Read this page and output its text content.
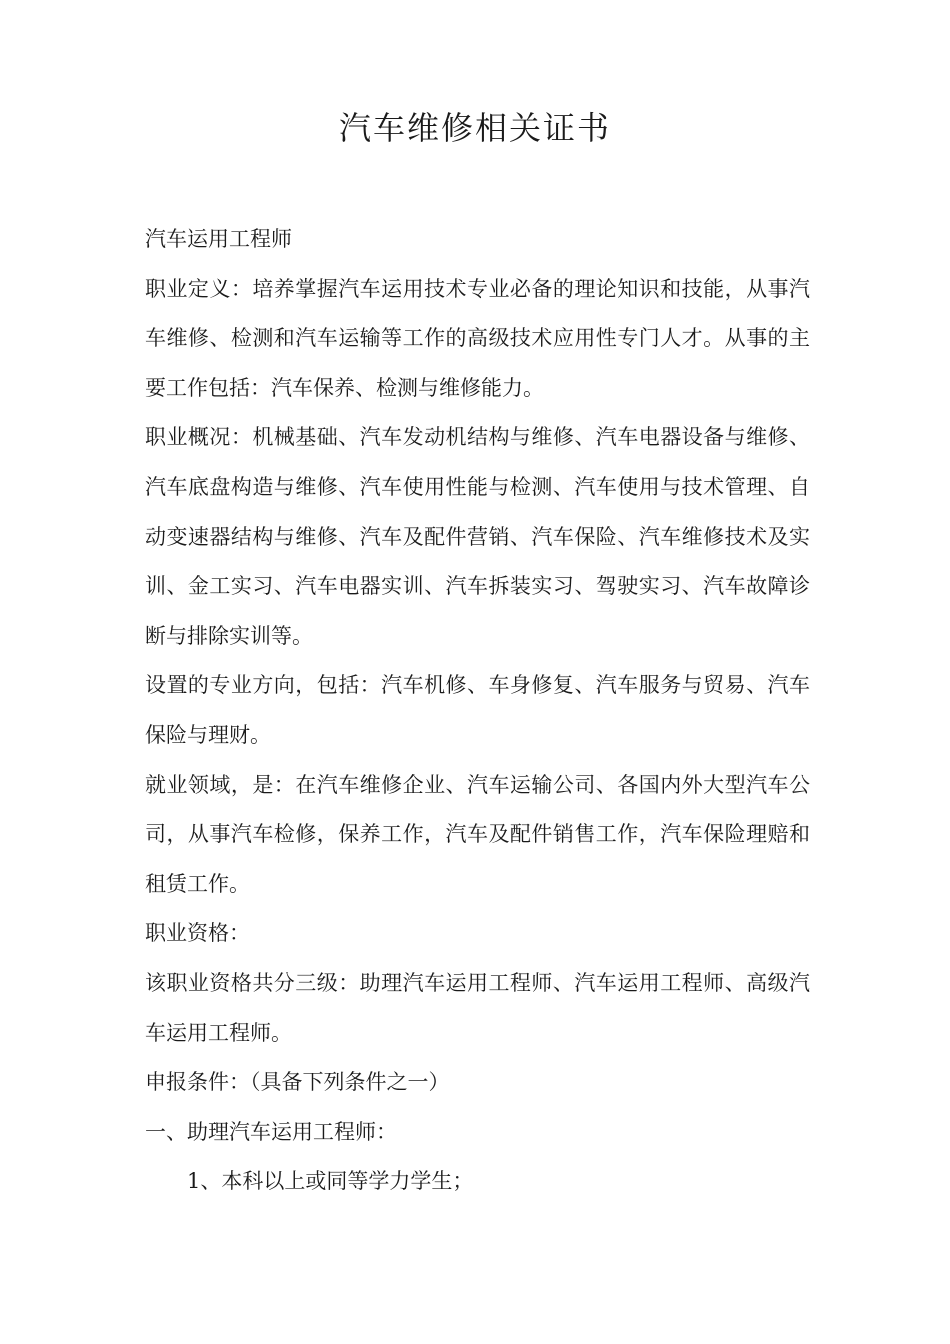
汽车维修相关证书

汽车运用工程师

职业定义：培养掌握汽车运用技术专业必备的理论知识和技能，从事汽车维修、检测和汽车运输等工作的高级技术应用性专门人才。从事的主要工作包括：汽车保养、检测与维修能力。

职业概况：机械基础、汽车发动机结构与维修、汽车电器设备与维修、汽车底盘构造与维修、汽车使用性能与检测、汽车使用与技术管理、自动变速器结构与维修、汽车及配件营销、汽车保险、汽车维修技术及实训、金工实习、汽车电器实训、汽车拆装实习、驾驶实习、汽车故障诊断与排除实训等。

设置的专业方向，包括：汽车机修、车身修复、汽车服务与贸易、汽车保险与理财。

就业领域，是：在汽车维修企业、汽车运输公司、各国内外大型汽车公司，从事汽车检修，保养工作，汽车及配件销售工作，汽车保险理赔和租赁工作。

职业资格：

该职业资格共分三级：助理汽车运用工程师、汽车运用工程师、高级汽车运用工程师。

申报条件：（具备下列条件之一）

一、助理汽车运用工程师：

1、本科以上或同等学力学生；
